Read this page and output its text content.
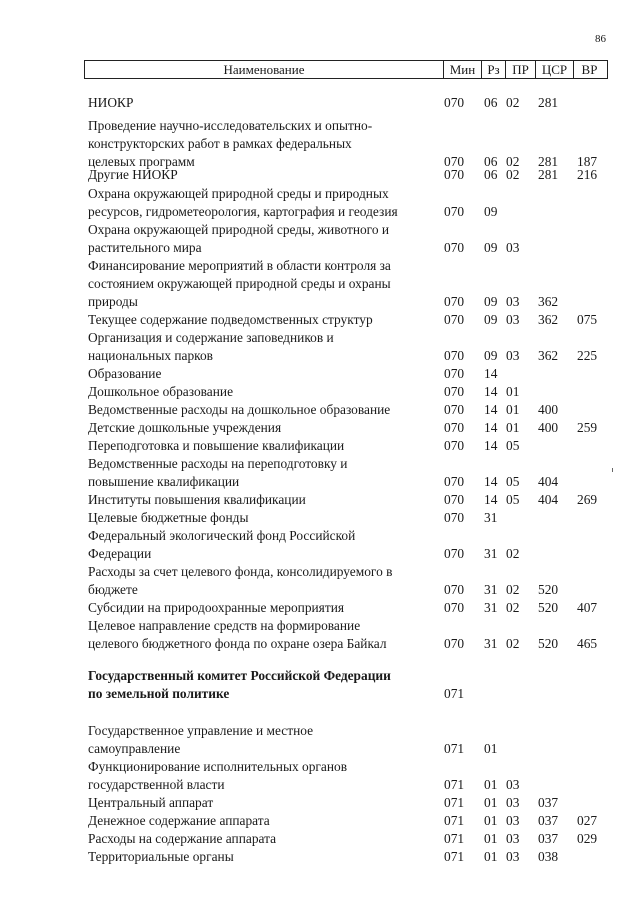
86
Наименование	Мин Рз ПР	ЦСР	ВР
НИОКР	070 06 02 281
Проведение научно-исследовательских и опытно-
конструкторских работ в рамках федеральных
целевых программ	070 06 02 281 187
Другие НИОКР	070 06 02 281 216
Охрана окружающей природной среды и природных
ресурсов, гидрометеорология, картография и геодезия	070 09
Охрана окружающей природной среды, животного и
растительного мира	070 09 03
Финансирование мероприятий в области контроля за
состоянием окружающей природной среды и охраны
природы	070 09 03 362
Текущее содержание подведомственных структур	070 09 03 362 075
Организация и содержание заповедников и
национальных парков	070 09 03 362 225
Образование	070 14
Дошкольное образование	070 14 01
Ведомственные расходы на дошкольное образование	070 14 01 400
Детские дошкольные учреждения	070 14 01 400 259
Переподготовка и повышение квалификации	070 14 05
Ведомственные расходы на переподготовку и
повышение квалификации	070 14 05 404
Институты повышения квалификации	070 14 05 404 269
Целевые бюджетные фонды	070 31
Федеральный экологический фонд Российской
Федерации	070 31 02
Расходы за счет целевого фонда, консолидируемого в
бюджете	070 31 02 520
Субсидии на природоохранные мероприятия	070 31 02 520 407
Целевое направление средств на формирование
целевого бюджетного фонда по охране озера Байкал	070 31 02 520 465
Государственный комитет Российской Федерации
по земельной политике	071
Государственное управление и местное
самоуправление	071 01
Функционирование исполнительных органов
государственной власти	071 01 03
Центральный аппарат	071 01 03 037
Денежное содержание аппарата	071 01 03 037 027
Расходы на содержание аппарата	071 01 03 037 029
Территориальные органы	071 01 03 038
